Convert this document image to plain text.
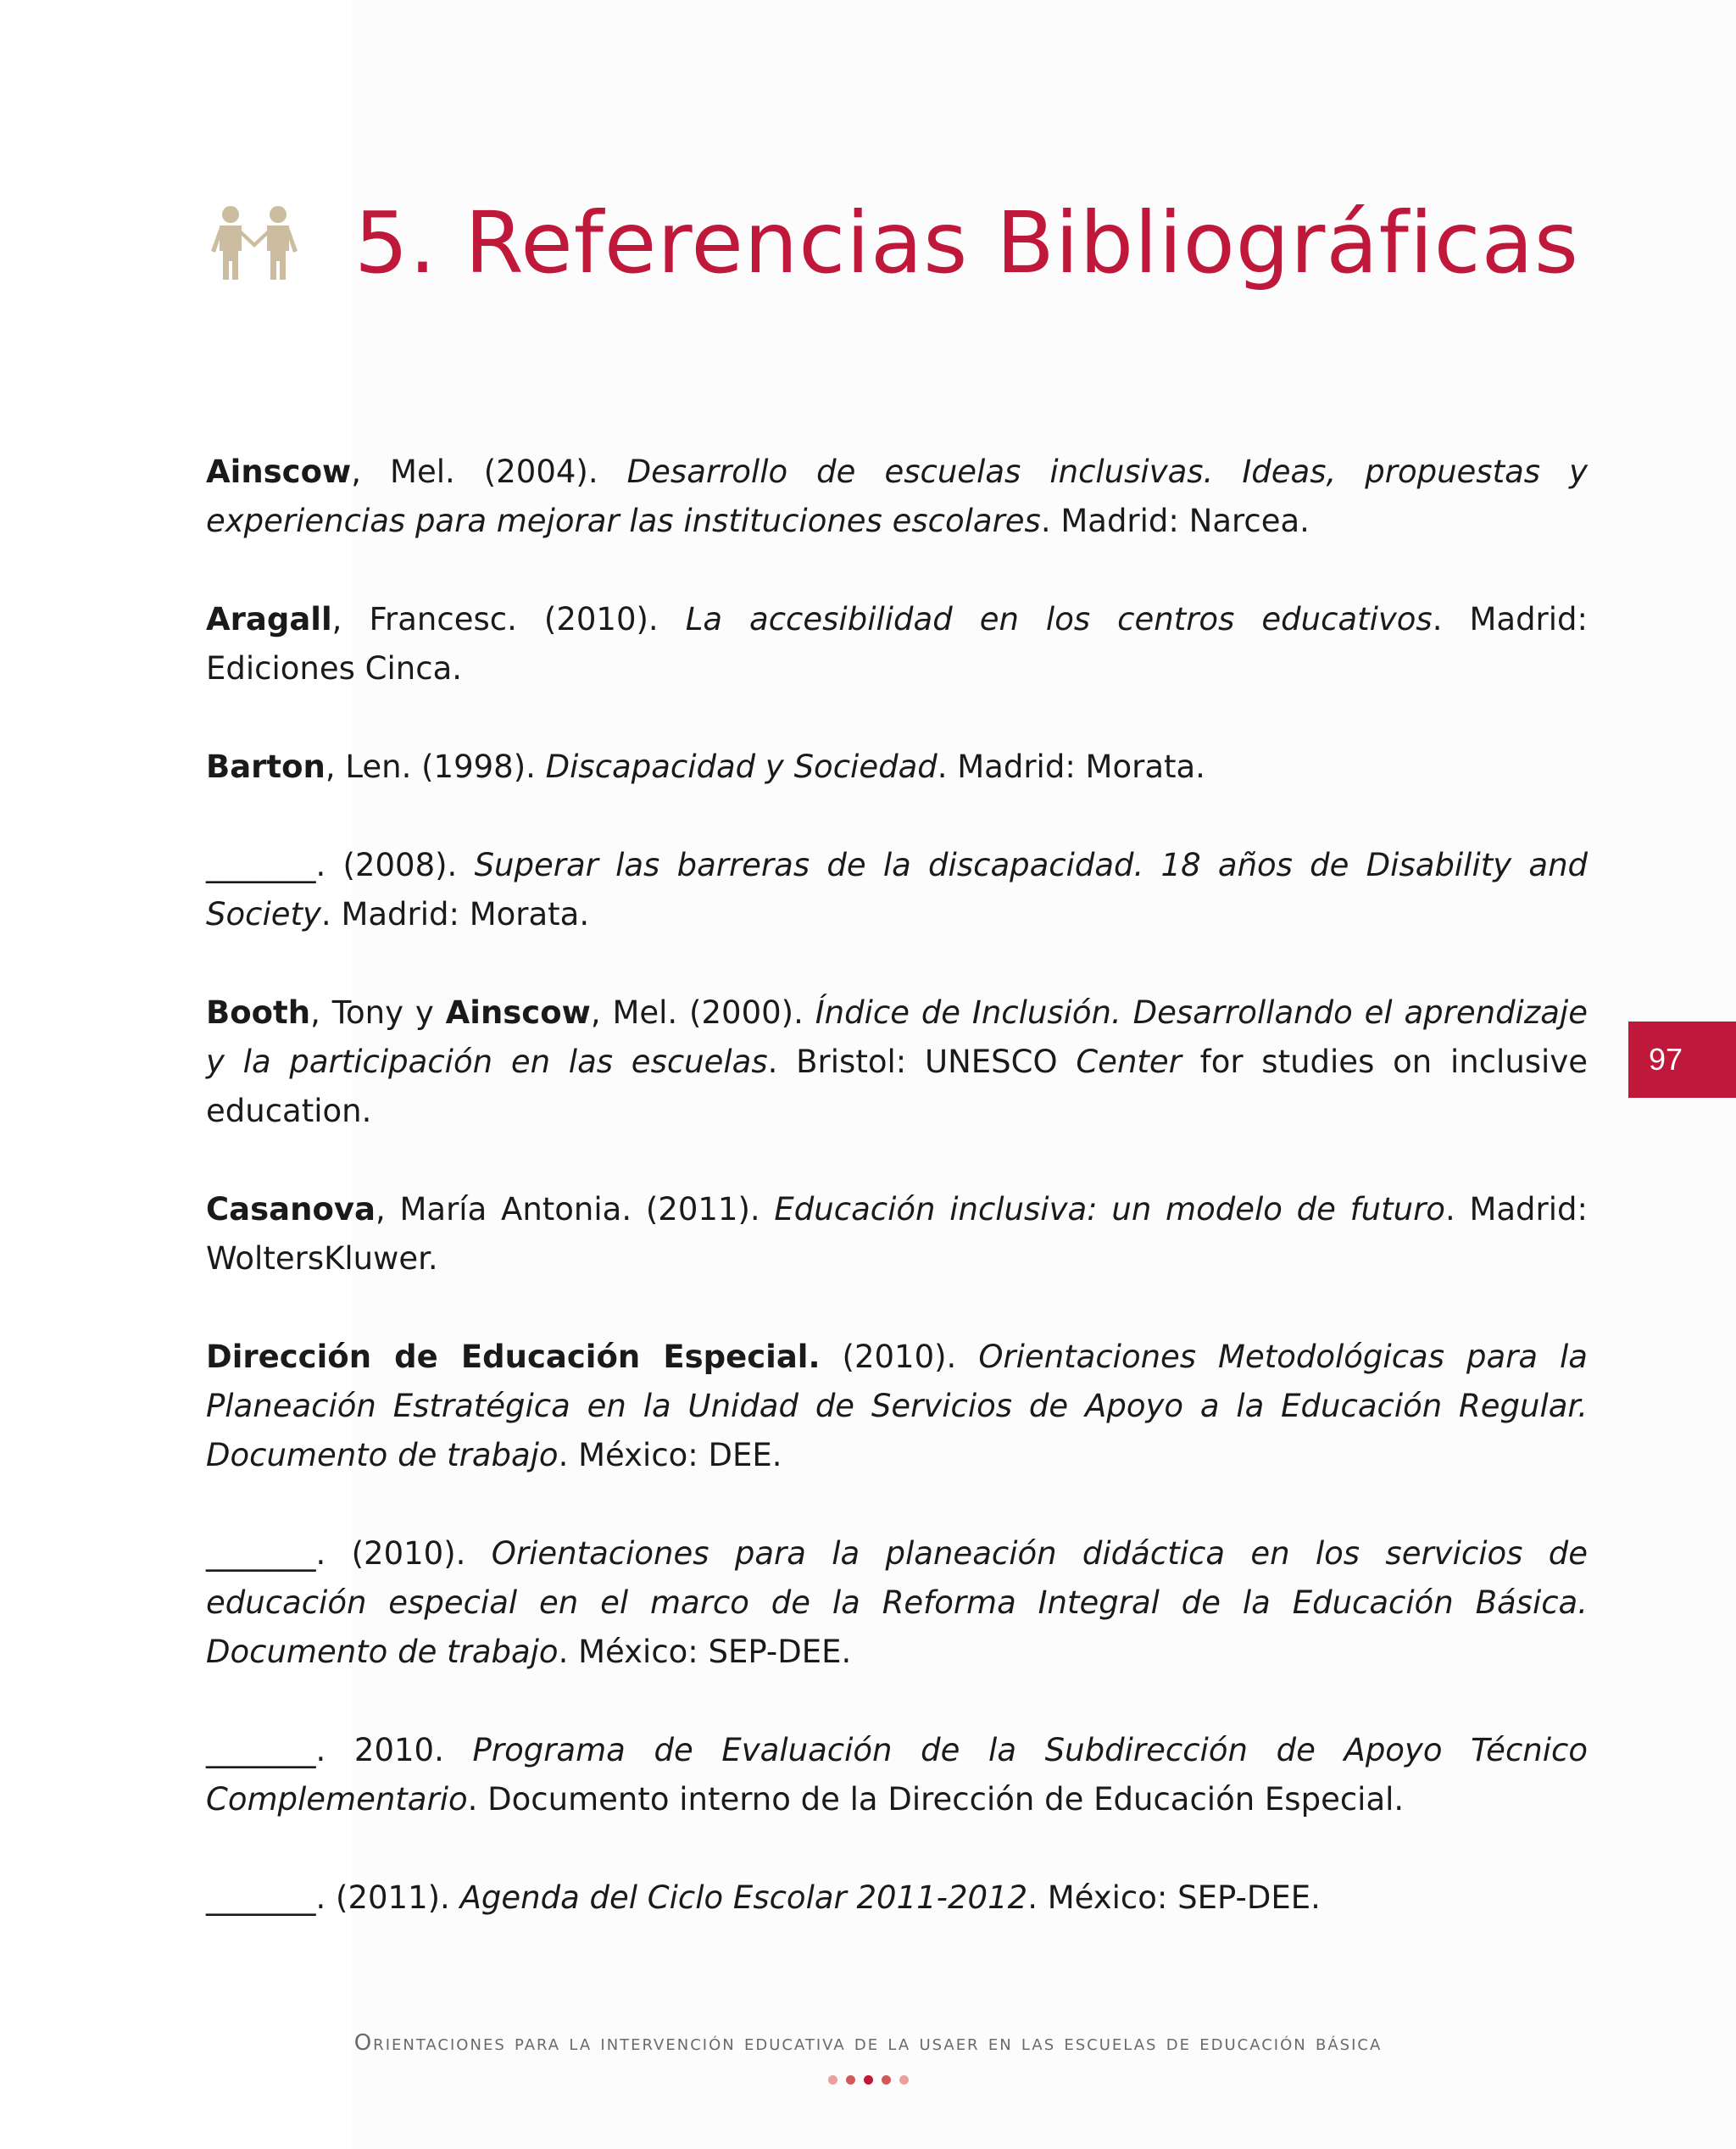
5. Referencias Bibliográficas

Ainscow, Mel. (2004). Desarrollo de escuelas inclusivas. Ideas, propuestas y experiencias para mejorar las instituciones escolares. Madrid: Narcea.

Aragall, Francesc. (2010). La accesibilidad en los centros educativos. Madrid: Ediciones Cinca.

Barton, Len. (1998). Discapacidad y Sociedad. Madrid: Morata.

_______. (2008). Superar las barreras de la discapacidad. 18 años de Disability and Society. Madrid: Morata.

Booth, Tony y Ainscow, Mel. (2000). Índice de Inclusión. Desarrollando el aprendizaje y la participación en las escuelas. Bristol: UNESCO Center for studies on inclusive education.

Casanova, María Antonia. (2011). Educación inclusiva: un modelo de futuro. Madrid: WoltersKluwer.

Dirección de Educación Especial. (2010). Orientaciones Metodológicas para la Planeación Estratégica en la Unidad de Servicios de Apoyo a la Educación Regular. Documento de trabajo. México: DEE.

_______. (2010). Orientaciones para la planeación didáctica en los servicios de educación especial en el marco de la Reforma Integral de la Educación Básica. Documento de trabajo. México: SEP-DEE.

_______. 2010. Programa de Evaluación de la Subdirección de Apoyo Técnico Complementario. Documento interno de la Dirección de Educación Especial.

_______. (2011). Agenda del Ciclo Escolar 2011-2012. México: SEP-DEE.

97
Orientaciones para la intervención educativa de la usaer en las escuelas de educación básica
